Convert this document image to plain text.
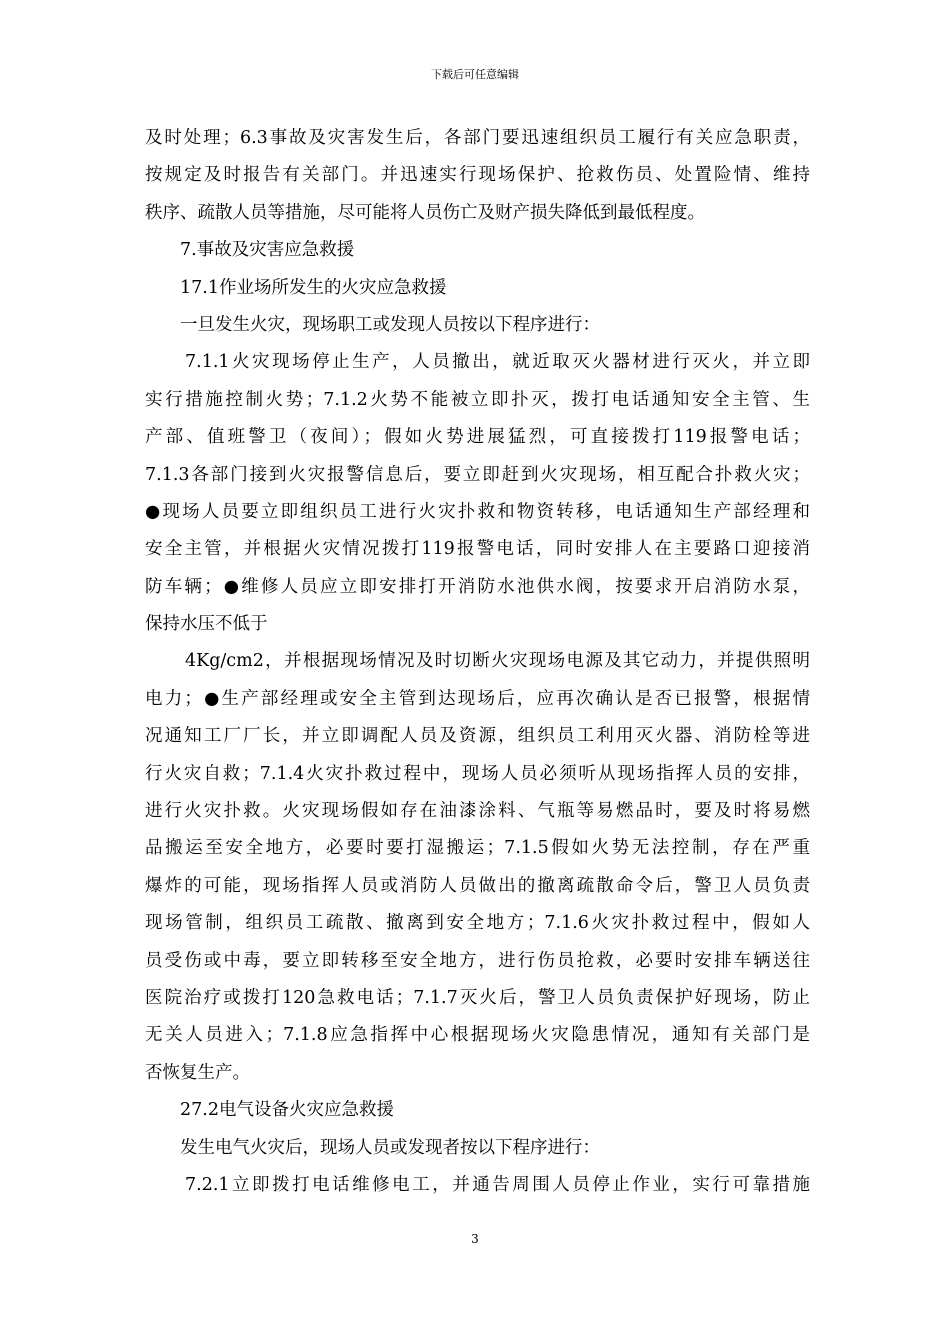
下载后可任意编辑
及时处理；6.3事故及灾害发生后，各部门要迅速组织员工履行有关应急职责，
按规定及时报告有关部门。并迅速实行现场保护、抢救伤员、处置险情、维持
秩序、疏散人员等措施，尽可能将人员伤亡及财产损失降低到最低程度。
7.事故及灾害应急救援
17.1作业场所发生的火灾应急救援
一旦发生火灾，现场职工或发现人员按以下程序进行：
7.1.1火灾现场停止生产，人员撤出，就近取灭火器材进行灭火，并立即
实行措施控制火势；7.1.2火势不能被立即扑灭，拨打电话通知安全主管、生
产部、值班警卫（夜间）；假如火势进展猛烈，可直接拨打119报警电话；
7.1.3各部门接到火灾报警信息后，要立即赶到火灾现场，相互配合扑救火灾；
●现场人员要立即组织员工进行火灾扑救和物资转移，电话通知生产部经理和
安全主管，并根据火灾情况拨打119报警电话，同时安排人在主要路口迎接消
防车辆；●维修人员应立即安排打开消防水池供水阀，按要求开启消防水泵，
保持水压不低于
4Kg/cm2，并根据现场情况及时切断火灾现场电源及其它动力，并提供照明
电力；●生产部经理或安全主管到达现场后，应再次确认是否已报警，根据情
况通知工厂厂长，并立即调配人员及资源，组织员工利用灭火器、消防栓等进
行火灾自救；7.1.4火灾扑救过程中，现场人员必须听从现场指挥人员的安排，
进行火灾扑救。火灾现场假如存在油漆涂料、气瓶等易燃品时，要及时将易燃
品搬运至安全地方，必要时要打湿搬运；7.1.5假如火势无法控制，存在严重
爆炸的可能，现场指挥人员或消防人员做出的撤离疏散命令后，警卫人员负责
现场管制，组织员工疏散、撤离到安全地方；7.1.6火灾扑救过程中，假如人
员受伤或中毒，要立即转移至安全地方，进行伤员抢救，必要时安排车辆送往
医院治疗或拨打120急救电话；7.1.7灭火后，警卫人员负责保护好现场，防止
无关人员进入；7.1.8应急指挥中心根据现场火灾隐患情况，通知有关部门是
否恢复生产。
27.2电气设备火灾应急救援
发生电气火灾后，现场人员或发现者按以下程序进行：
7.2.1立即拨打电话维修电工，并通告周围人员停止作业，实行可靠措施
3
